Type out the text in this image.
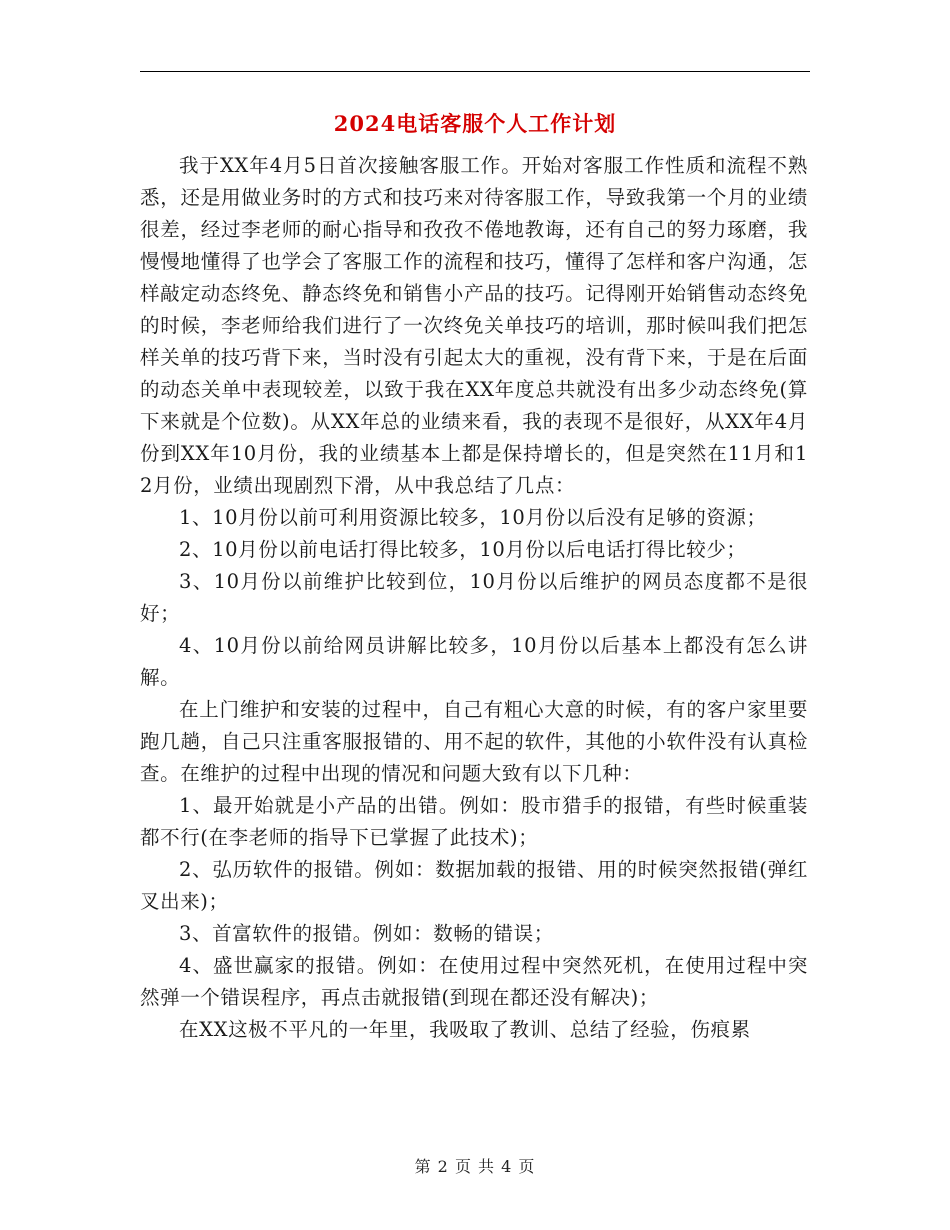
2024电话客服个人工作计划

我于XX年4月5日首次接触客服工作。开始对客服工作性质和流程不熟悉，还是用做业务时的方式和技巧来对待客服工作，导致我第一个月的业绩很差，经过李老师的耐心指导和孜孜不倦地教诲，还有自己的努力琢磨，我慢慢地懂得了也学会了客服工作的流程和技巧，懂得了怎样和客户沟通，怎样敲定动态终免、静态终免和销售小产品的技巧。记得刚开始销售动态终免的时候，李老师给我们进行了一次终免关单技巧的培训，那时候叫我们把怎样关单的技巧背下来，当时没有引起太大的重视，没有背下来，于是在后面的动态关单中表现较差，以致于我在XX年度总共就没有出多少动态终免(算下来就是个位数)。从XX年总的业绩来看，我的表现不是很好，从XX年4月份到XX年10月份，我的业绩基本上都是保持增长的，但是突然在11月和12月份，业绩出现剧烈下滑，从中我总结了几点：

1、10月份以前可利用资源比较多，10月份以后没有足够的资源；

2、10月份以前电话打得比较多，10月份以后电话打得比较少；

3、10月份以前维护比较到位，10月份以后维护的网员态度都不是很好；

4、10月份以前给网员讲解比较多，10月份以后基本上都没有怎么讲解。

在上门维护和安装的过程中，自己有粗心大意的时候，有的客户家里要跑几趟，自己只注重客服报错的、用不起的软件，其他的小软件没有认真检查。在维护的过程中出现的情况和问题大致有以下几种：

1、最开始就是小产品的出错。例如：股市猎手的报错，有些时候重装都不行(在李老师的指导下已掌握了此技术)；

2、弘历软件的报错。例如：数据加载的报错、用的时候突然报错(弹红叉出来)；

3、首富软件的报错。例如：数畅的错误；

4、盛世赢家的报错。例如：在使用过程中突然死机，在使用过程中突然弹一个错误程序，再点击就报错(到现在都还没有解决)；

在XX这极不平凡的一年里，我吸取了教训、总结了经验，伤痕累

第 2 页 共 4 页
